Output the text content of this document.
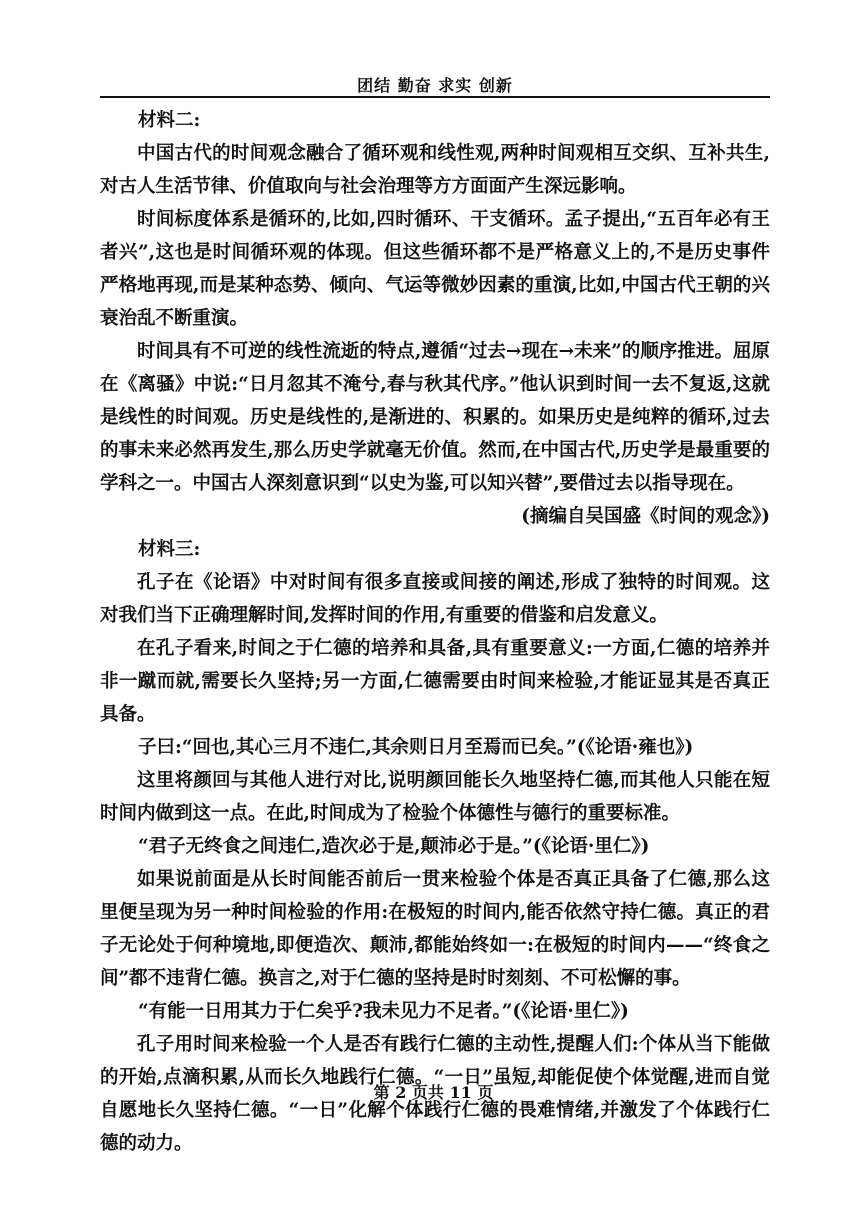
团结 勤奋 求实 创新

材料二:

中国古代的时间观念融合了循环观和线性观,两种时间观相互交织、互补共生,对古人生活节律、价值取向与社会治理等方方面面产生深远影响。

时间标度体系是循环的,比如,四时循环、干支循环。孟子提出,“五百年必有王者兴”,这也是时间循环观的体现。但这些循环都不是严格意义上的,不是历史事件严格地再现,而是某种态势、倾向、气运等微妙因素的重演,比如,中国古代王朝的兴衰治乱不断重演。

时间具有不可逆的线性流逝的特点,遵循“过去→现在→未来”的顺序推进。屈原在《离骚》中说:“日月忽其不淹兮,春与秋其代序。”他认识到时间一去不复返,这就是线性的时间观。历史是线性的,是渐进的、积累的。如果历史是纯粹的循环,过去的事未来必然再发生,那么历史学就毫无价值。然而,在中国古代,历史学是最重要的学科之一。中国古人深刻意识到“以史为鉴,可以知兴替”,要借过去以指导现在。

(摘编自吴国盛《时间的观念》)

材料三:

孔子在《论语》中对时间有很多直接或间接的阐述,形成了独特的时间观。这对我们当下正确理解时间,发挥时间的作用,有重要的借鉴和启发意义。

在孔子看来,时间之于仁德的培养和具备,具有重要意义:一方面,仁德的培养并非一蹴而就,需要长久坚持;另一方面,仁德需要由时间来检验,才能证显其是否真正具备。

子曰:“回也,其心三月不违仁,其余则日月至焉而已矣。”(《论语·雍也》)

这里将颜回与其他人进行对比,说明颜回能长久地坚持仁德,而其他人只能在短时间内做到这一点。在此,时间成为了检验个体德性与德行的重要标准。

“君子无终食之间违仁,造次必于是,颠沛必于是。”(《论语·里仁》)

如果说前面是从长时间能否前后一贯来检验个体是否真正具备了仁德,那么这里便呈现为另一种时间检验的作用:在极短的时间内,能否依然守持仁德。真正的君子无论处于何种境地,即便造次、颠沛,都能始终如一:在极短的时间内——“终食之间”都不违背仁德。换言之,对于仁德的坚持是时时刻刻、不可松懈的事。

“有能一日用其力于仁矣乎?我未见力不足者。”(《论语·里仁》)

孔子用时间来检验一个人是否有践行仁德的主动性,提醒人们:个体从当下能做的开始,点滴积累,从而长久地践行仁德。“一日”虽短,却能促使个体觉醒,进而自觉自愿地长久坚持仁德。“一日”化解个体践行仁德的畏难情绪,并激发了个体践行仁德的动力。

第 2 页共 11 页
